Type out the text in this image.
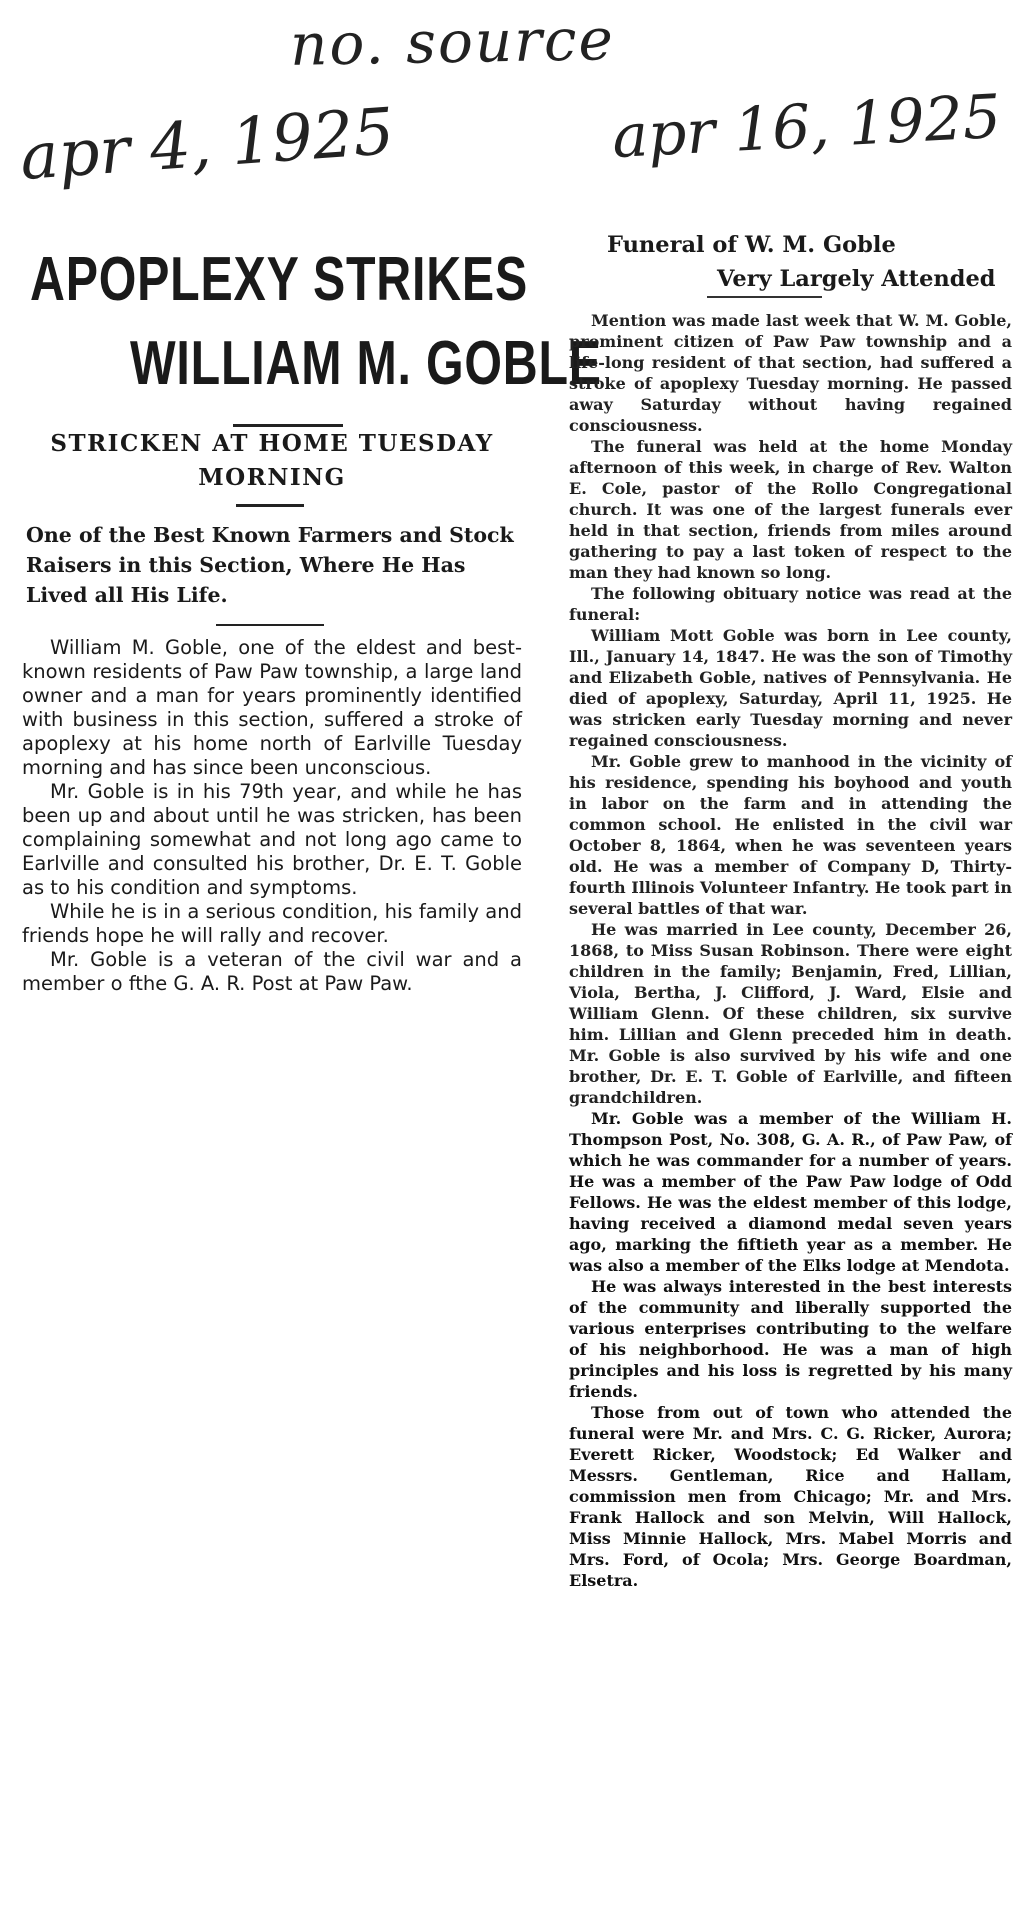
no. source
apr 4, 1925	apr 16, 1925
APOPLEXY STRIKES
WILLIAM M. GOBLE
STRICKEN AT HOME TUESDAY
MORNING
One of the Best Known Farmers and Stock Raisers in this Section, Where He Has Lived all His Life.

William M. Goble, one of the eldest and best-known residents of Paw Paw township, a large land owner and a man for years prominently identified with business in this section, suffered a stroke of apoplexy at his home north of Earlville Tuesday morning and has since been unconscious.

Mr. Goble is in his 79th year, and while he has been up and about until he was stricken, has been complaining somewhat and not long ago came to Earlville and consulted his brother, Dr. E. T. Goble as to his condition and symptoms.

While he is in a serious condition, his family and friends hope he will rally and recover.

Mr. Goble is a veteran of the civil war and a member o fthe G. A. R. Post at Paw Paw.

Funeral of W. M. Goble
Very Largely Attended

Mention was made last week that W. M. Goble, prominent citizen of Paw Paw township and a life-long resident of that section, had suffered a stroke of apoplexy Tuesday morning. He passed away Saturday without having regained consciousness.

The funeral was held at the home Monday afternoon of this week, in charge of Rev. Walton E. Cole, pastor of the Rollo Congregational church. It was one of the largest funerals ever held in that section, friends from miles around gathering to pay a last token of respect to the man they had known so long.

The following obituary notice was read at the funeral:

William Mott Goble was born in Lee county, Ill., January 14, 1847. He was the son of Timothy and Elizabeth Goble, natives of Pennsylvania. He died of apoplexy, Saturday, April 11, 1925. He was stricken early Tuesday morning and never regained consciousness.

Mr. Goble grew to manhood in the vicinity of his residence, spending his boyhood and youth in labor on the farm and in attending the common school. He enlisted in the civil war October 8, 1864, when he was seventeen years old. He was a member of Company D, Thirty-fourth Illinois Volunteer Infantry. He took part in several battles of that war.

He was married in Lee county, December 26, 1868, to Miss Susan Robinson. There were eight children in the family; Benjamin, Fred, Lillian, Viola, Bertha, J. Clifford, J. Ward, Elsie and William Glenn. Of these children, six survive him. Lillian and Glenn preceded him in death. Mr. Goble is also survived by his wife and one brother, Dr. E. T. Goble of Earlville, and fifteen grandchildren.

Mr. Goble was a member of the William H. Thompson Post, No. 308, G. A. R., of Paw Paw, of which he was commander for a number of years. He was a member of the Paw Paw lodge of Odd Fellows. He was the eldest member of this lodge, having received a diamond medal seven years ago, marking the fiftieth year as a member. He was also a member of the Elks lodge at Mendota.

He was always interested in the best interests of the community and liberally supported the various enterprises contributing to the welfare of his neighborhood. He was a man of high principles and his loss is regretted by his many friends.

Those from out of town who attended the funeral were Mr. and Mrs. C. G. Ricker, Aurora; Everett Ricker, Woodstock; Ed Walker and Messrs. Gentleman, Rice and Hallam, commission men from Chicago; Mr. and Mrs. Frank Hallock and son Melvin, Will Hallock, Miss Minnie Hallock, Mrs. Mabel Morris and Mrs. Ford, of Ocola; Mrs. George Boardman, Elsetra.
